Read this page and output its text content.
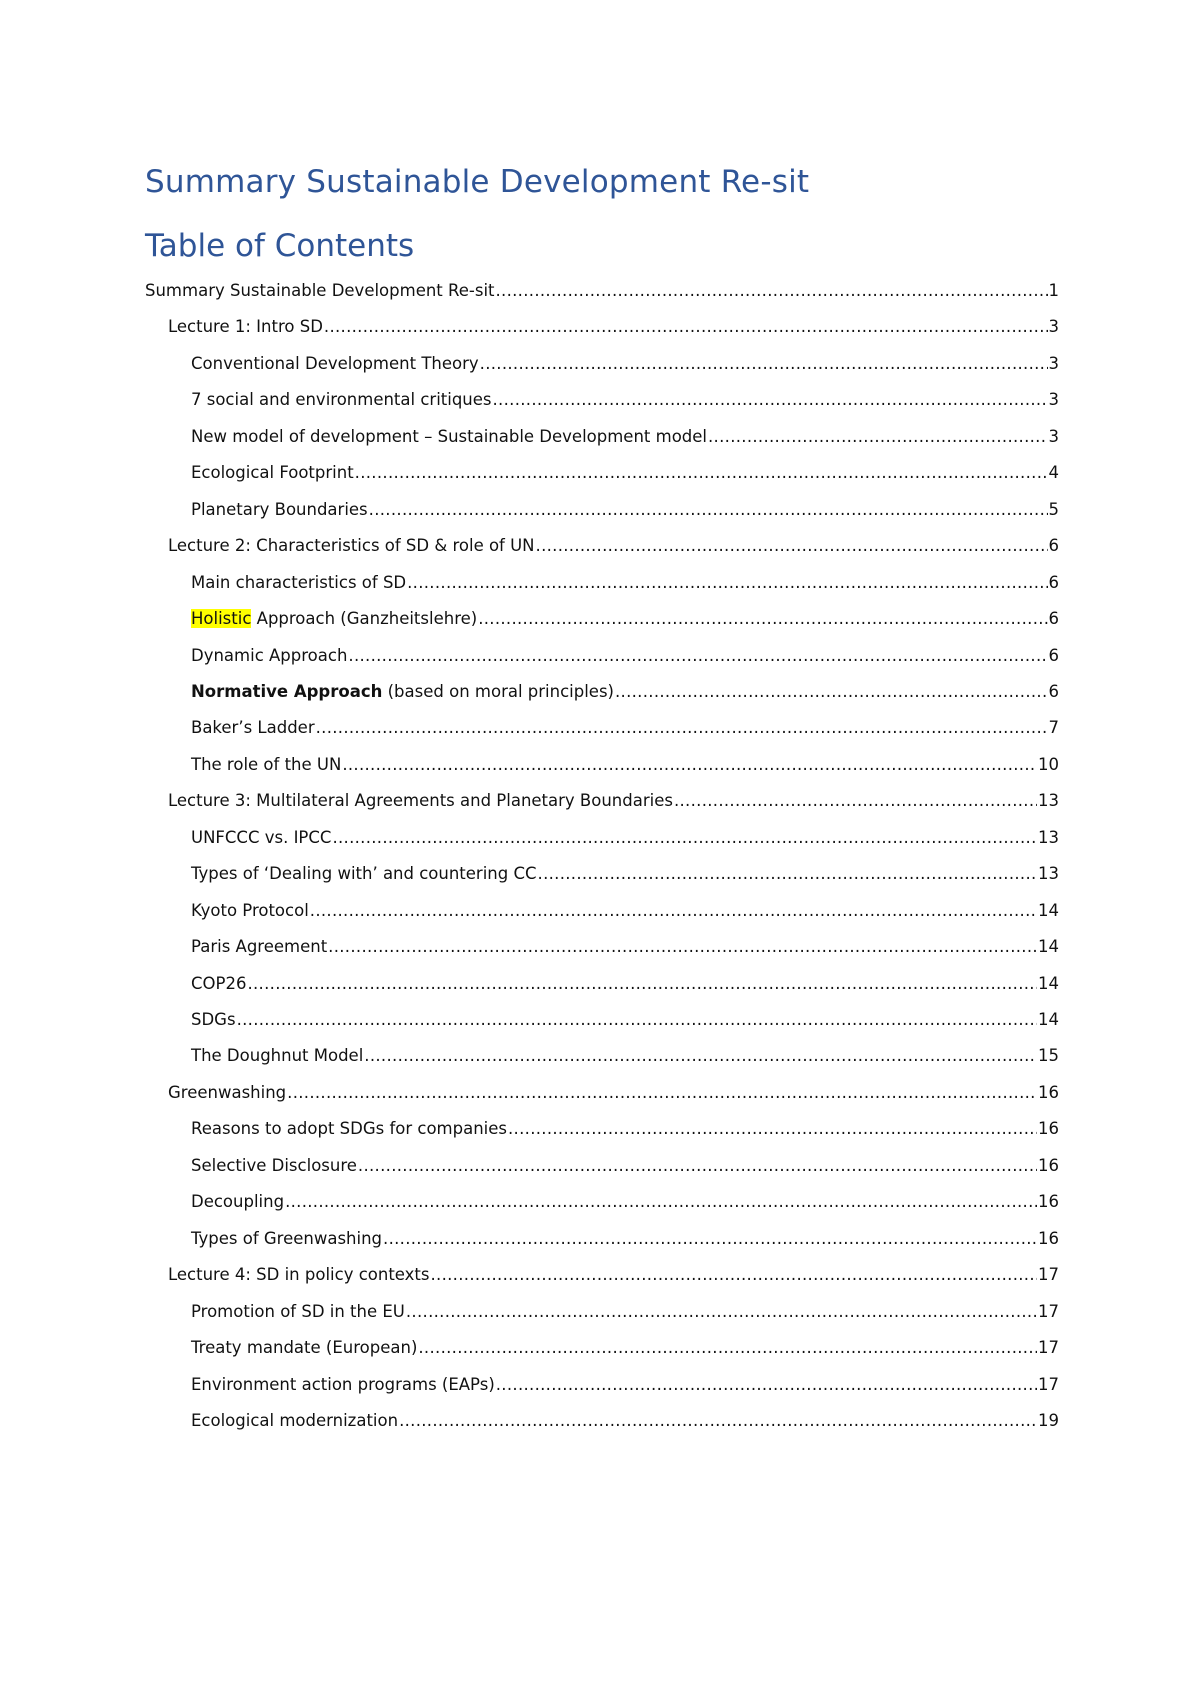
Summary Sustainable Development Re-sit
Table of Contents
Summary Sustainable Development Re-sit .....	1
Lecture 1: Intro SD .....	3
Conventional Development Theory .....	3
7 social and environmental critiques .....	3
New model of development – Sustainable Development model .....	3
Ecological Footprint .....	4
Planetary Boundaries .....	5
Lecture 2: Characteristics of SD & role of UN .....	6
Main characteristics of SD .....	6
Holistic Approach (Ganzheitslehre) .....	6
Dynamic Approach .....	6
Normative Approach (based on moral principles) .....	6
Baker’s Ladder .....	7
The role of the UN .....	10
Lecture 3: Multilateral Agreements and Planetary Boundaries .....	13
UNFCCC vs. IPCC .....	13
Types of ‘Dealing with’ and countering CC .....	13
Kyoto Protocol .....	14
Paris Agreement .....	14
COP26 .....	14
SDGs .....	14
The Doughnut Model .....	15
Greenwashing .....	16
Reasons to adopt SDGs for companies .....	16
Selective Disclosure .....	16
Decoupling .....	16
Types of Greenwashing .....	16
Lecture 4: SD in policy contexts .....	17
Promotion of SD in the EU .....	17
Treaty mandate (European) .....	17
Environment action programs (EAPs) .....	17
Ecological modernization .....	19
